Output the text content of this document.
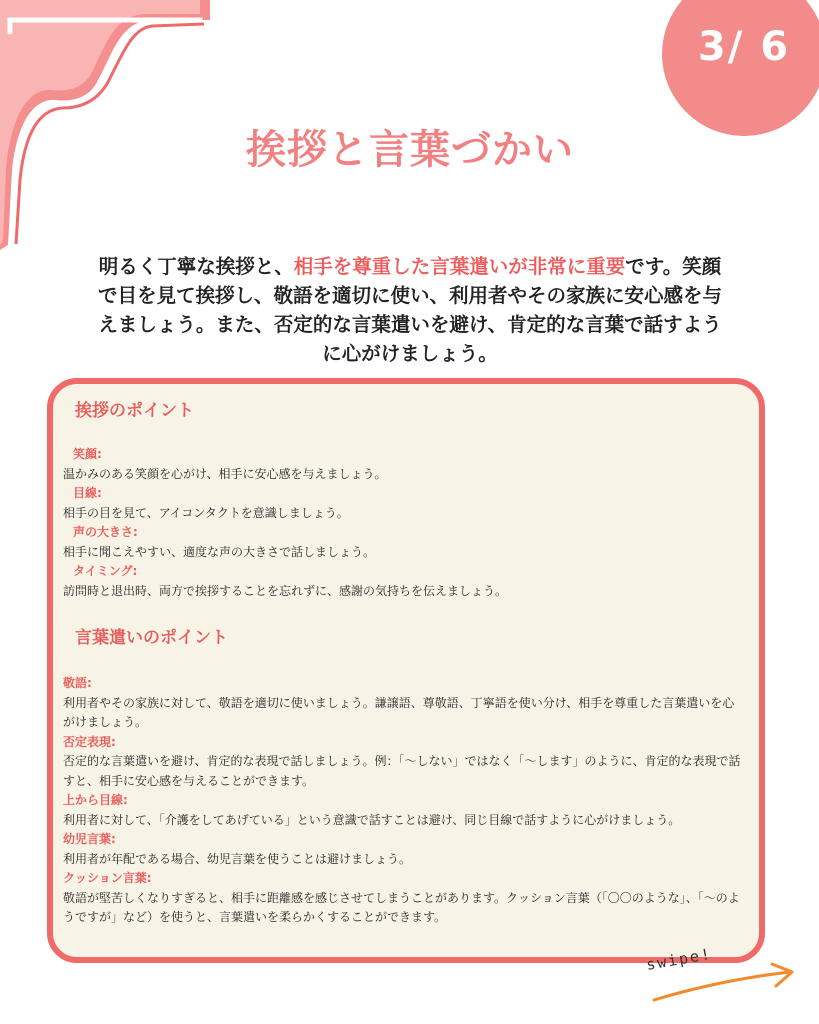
3/ 6
挨拶と言葉づかい
明るく丁寧な挨拶と、相手を尊重した言葉遣いが非常に重要です。笑顔で目を見て挨拶し、敬語を適切に使い、利用者やその家族に安心感を与えましょう。また、否定的な言葉遣いを避け、肯定的な言葉で話すように心がけましょう。
挨拶のポイント
笑顔:
温かみのある笑顔を心がけ、相手に安心感を与えましょう。
目線:
相手の目を見て、アイコンタクトを意識しましょう。
声の大きさ:
相手に聞こえやすい、適度な声の大きさで話しましょう。
タイミング:
訪問時と退出時、両方で挨拶することを忘れずに、感謝の気持ちを伝えましょう。
言葉遣いのポイント
敬語:
利用者やその家族に対して、敬語を適切に使いましょう。謙譲語、尊敬語、丁寧語を使い分け、相手を尊重した言葉遣いを心がけましょう。
否定表現:
否定的な言葉遣いを避け、肯定的な表現で話しましょう。例：「〜しない」ではなく「〜します」のように、肯定的な表現で話すと、相手に安心感を与えることができます。
上から目線:
利用者に対して、「介護をしてあげている」という意識で話すことは避け、同じ目線で話すように心がけましょう。
幼児言葉:
利用者が年配である場合、幼児言葉を使うことは避けましょう。
クッション言葉:
敬語が堅苦しくなりすぎると、相手に距離感を感じさせてしまうことがあります。クッション言葉（「〇〇のような」、「〜のようですが」など）を使うと、言葉遣いを柔らかくすることができます。
swipe!
